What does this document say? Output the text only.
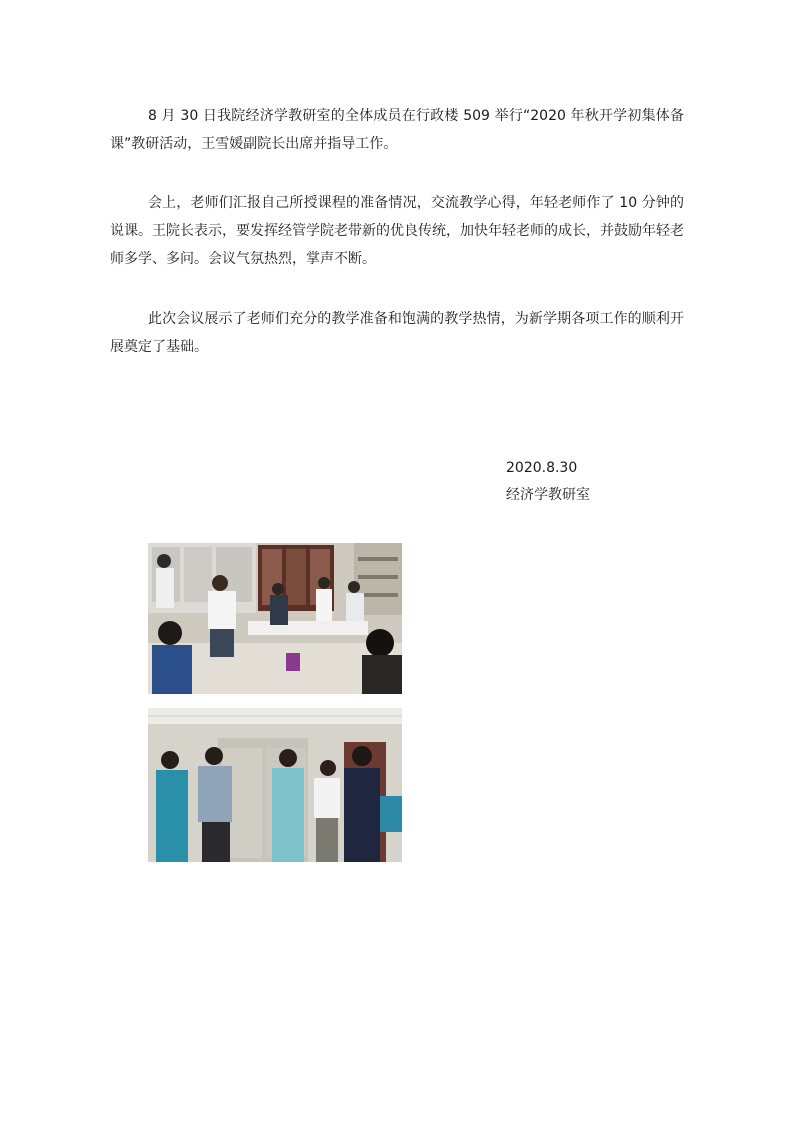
8 月 30 日我院经济学教研室的全体成员在行政楼 509 举行“2020 年秋开学初集体备课”教研活动，王雪媛副院长出席并指导工作。

会上，老师们汇报自己所授课程的准备情况，交流教学心得，年轻老师作了 10 分钟的说课。王院长表示，要发挥经管学院老带新的优良传统，加快年轻老师的成长，并鼓励年轻老师多学、多问。会议气氛热烈，掌声不断。

此次会议展示了老师们充分的教学准备和饱满的教学热情，为新学期各项工作的顺利开展奠定了基础。

2020.8.30
经济学教研室
